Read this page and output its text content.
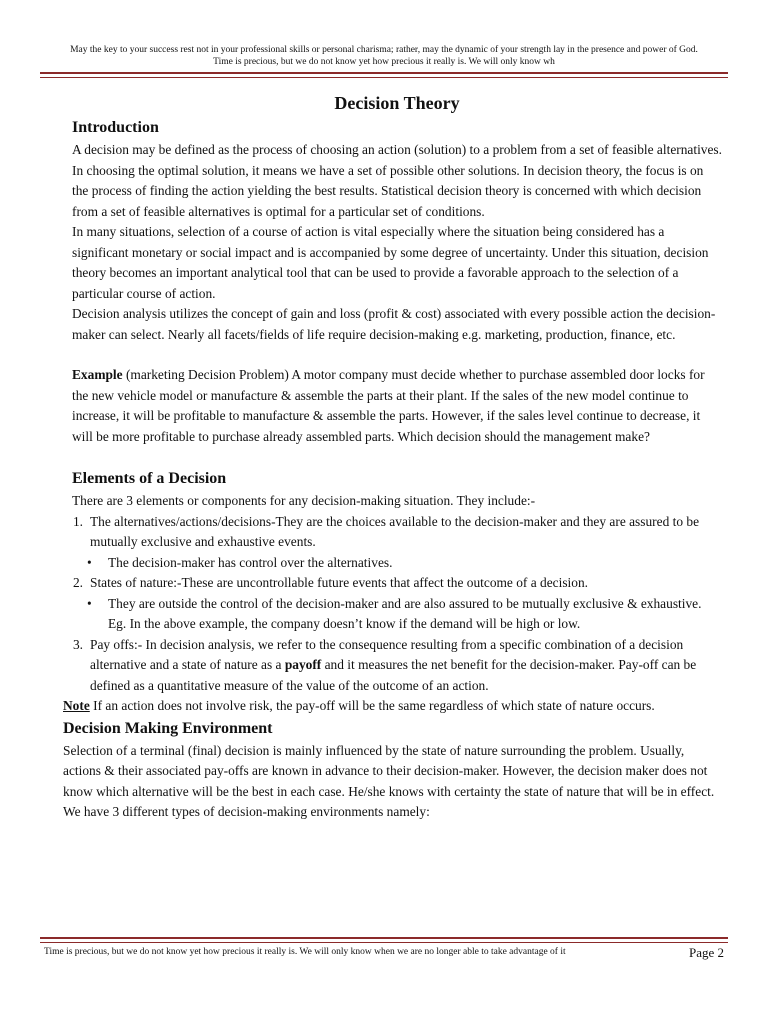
May the key to your success rest not in your professional skills or personal charisma; rather, may the dynamic of your strength lay in the presence and power of God.
Time is precious, but we do not know yet how precious it really is. We will only know wh
Decision Theory
Introduction

A decision may be defined as the process of choosing an action (solution) to a problem from a set of feasible alternatives. In choosing the optimal solution, it means we have a set of possible other solutions. In decision theory, the focus is on the process of finding the action yielding the best results. Statistical decision theory is concerned with which decision from a set of feasible alternatives is optimal for a particular set of conditions.

In many situations, selection of a course of action is vital especially where the situation being considered has a significant monetary or social impact and is accompanied by some degree of uncertainty. Under this situation, decision theory becomes an important analytical tool that can be used to provide a favorable approach to the selection of a particular course of action.

Decision analysis utilizes the concept of gain and loss (profit & cost) associated with every possible action the decision-maker can select. Nearly all facets/fields of life require decision-making e.g. marketing, production, finance, etc.

Example (marketing Decision Problem) A motor company must decide whether to purchase assembled door locks for the new vehicle model or manufacture & assemble the parts at their plant. If the sales of the new model continue to increase, it will be profitable to manufacture & assemble the parts. However, if the sales level continue to decrease, it will be more profitable to purchase already assembled parts. Which decision should the management make?

Elements of a Decision

There are 3 elements or components for any decision-making situation. They include:-

1. The alternatives/actions/decisions-They are the choices available to the decision-maker and they are assured to be mutually exclusive and exhaustive events.
• The decision-maker has control over the alternatives.
2. States of nature:-These are uncontrollable future events that affect the outcome of a decision.
• They are outside the control of the decision-maker and are also assured to be mutually exclusive & exhaustive. Eg. In the above example, the company doesn’t know if the demand will be high or low.
3. Pay offs:- In decision analysis, we refer to the consequence resulting from a specific combination of a decision alternative and a state of nature as a payoff and it measures the net benefit for the decision-maker. Pay-off can be defined as a quantitative measure of the value of the outcome of an action.

Note If an action does not involve risk, the pay-off will be the same regardless of which state of nature occurs.

Decision Making Environment

Selection of a terminal (final) decision is mainly influenced by the state of nature surrounding the problem. Usually, actions & their associated pay-offs are known in advance to their decision-maker. However, the decision maker does not know which alternative will be the best in each case. He/she knows with certainty the state of nature that will be in effect.

We have 3 different types of decision-making environments namely:

Time is precious, but we do not know yet how precious it really is. We will only know when we are no longer able to take advantage of it	Page 2
